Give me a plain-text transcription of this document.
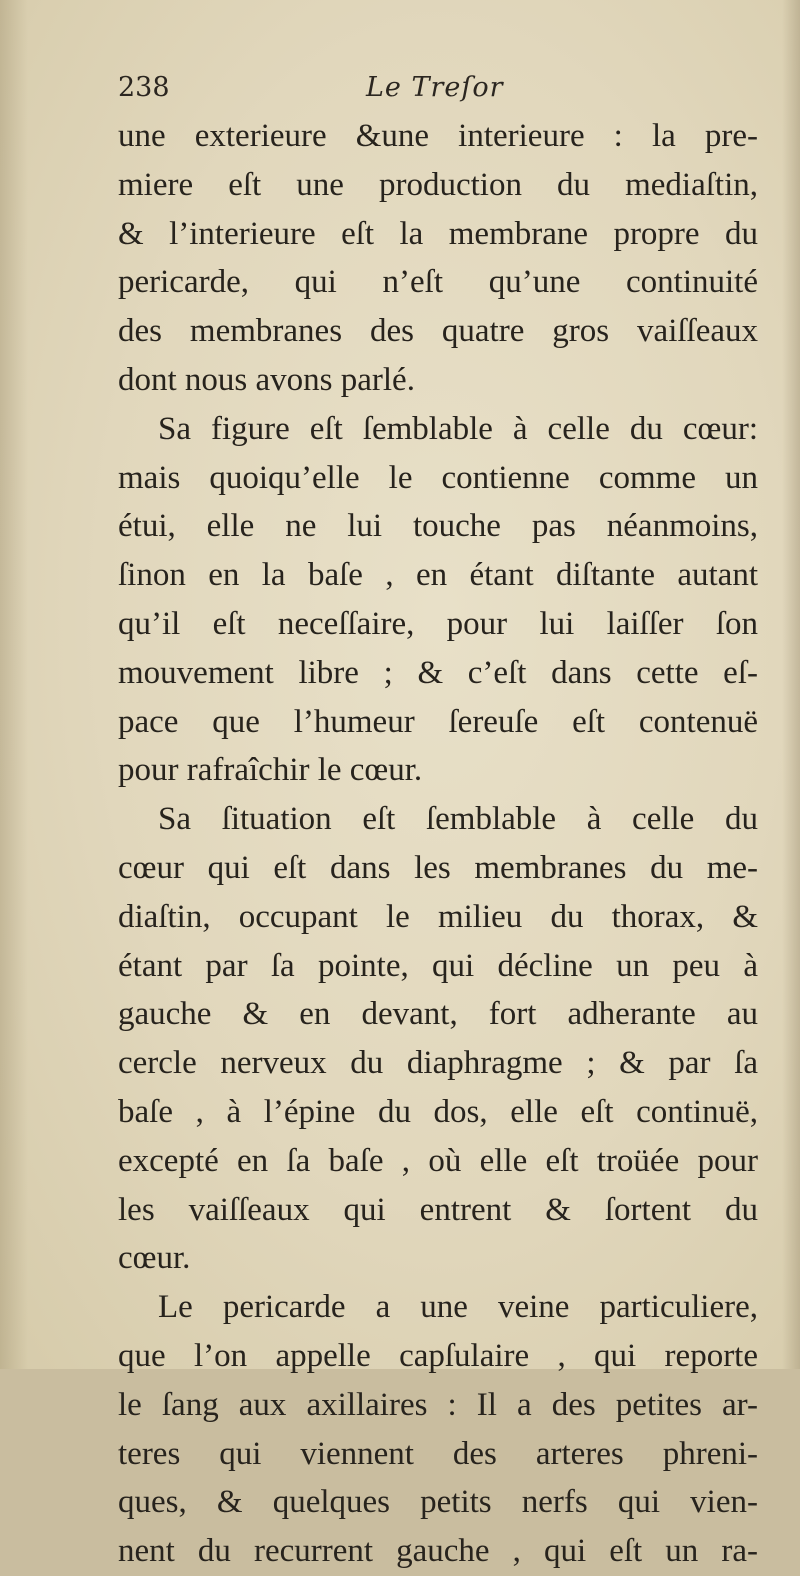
238	Le Treſor
une exterieure &une interieure : la pre-
miere eſt une production du mediaſtin,
& l’interieure eſt la membrane propre du
pericarde, qui n’eſt qu’une continuité
des membranes des quatre gros vaiſſeaux
dont nous avons parlé.
Sa figure eſt ſemblable à celle du cœur:
mais quoiqu’elle le contienne comme un
étui, elle ne lui touche pas néanmoins,
ſinon en la baſe , en étant diſtante autant
qu’il eſt neceſſaire, pour lui laiſſer ſon
mouvement libre ; & c’eſt dans cette eſ-
pace que l’humeur ſereuſe eſt contenuë
pour rafraîchir le cœur.
Sa ſituation eſt ſemblable à celle du
cœur qui eſt dans les membranes du me-
diaſtin, occupant le milieu du thorax, &
étant par ſa pointe, qui décline un peu à
gauche & en devant, fort adherante au
cercle nerveux du diaphragme ; & par ſa
baſe , à l’épine du dos, elle eſt continuë,
excepté en ſa baſe , où elle eſt troüée pour
les vaiſſeaux qui entrent & ſortent du
cœur.
Le pericarde a une veine particuliere,
que l’on appelle capſulaire , qui reporte
le ſang aux axillaires : Il a des petites ar-
teres qui viennent des arteres phreni-
ques, & quelques petits nerfs qui vien-
nent du recurrent gauche , qui eſt un ra-
